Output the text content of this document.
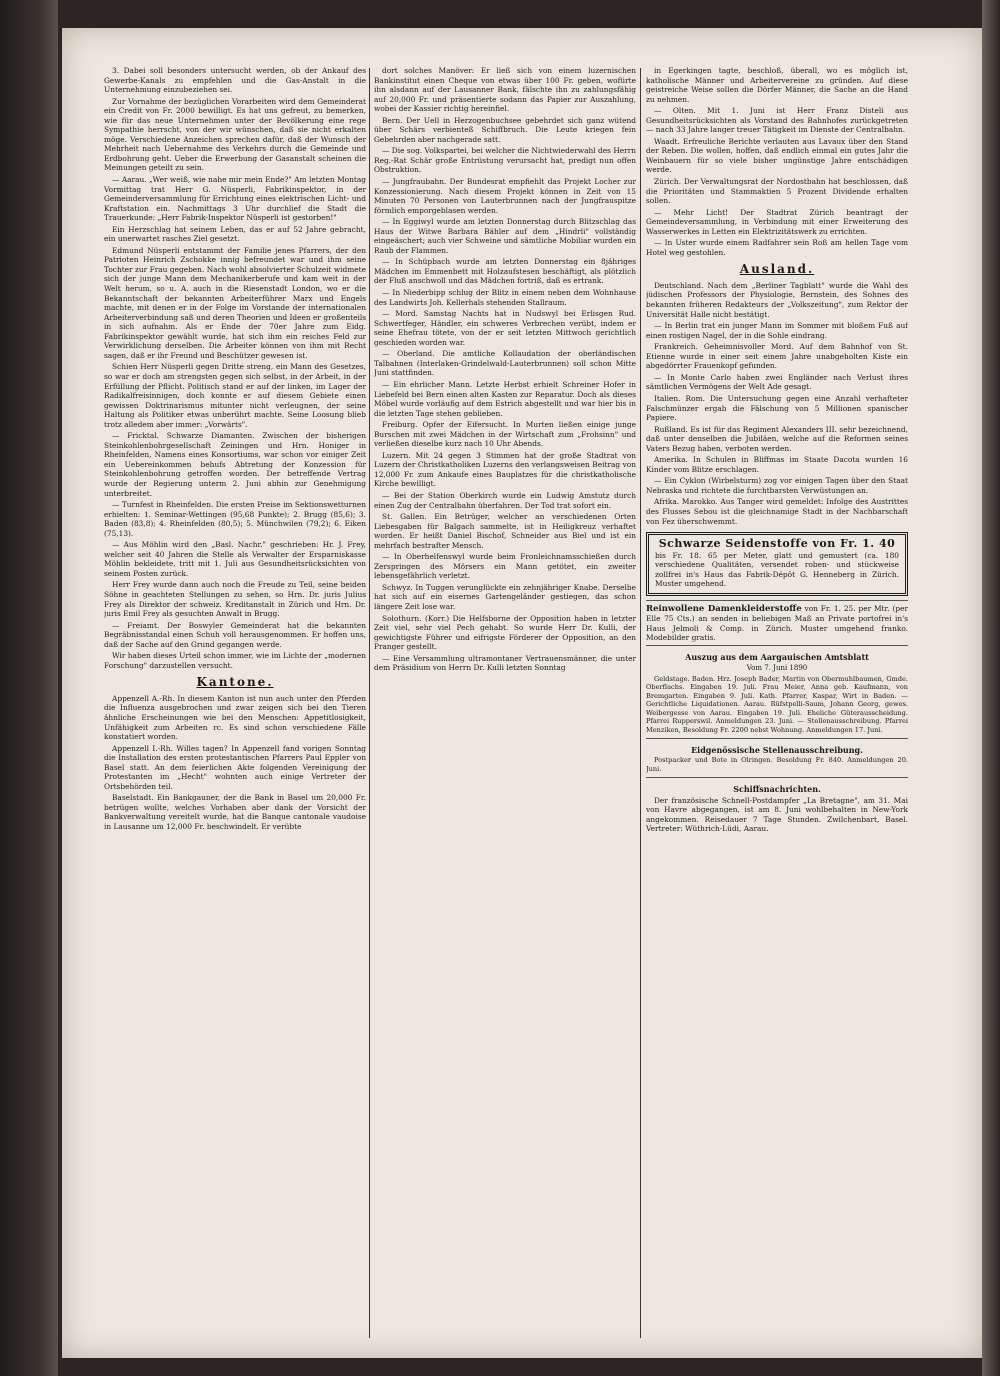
3. Dabei soll besonders untersucht werden, ob der Ankauf des Gewerbe-Kanals zu empfehlen und die Gas-Anstalt in die Unternehmung einzubeziehen sei.

Zur Vornahme der bezüglichen Vorarbeiten wird dem Gemeinderat ein Credit von Fr. 2000 bewilligt. Es hat uns gefreut, zu bemerken, wie für das neue Unternehmen unter der Bevölkerung eine rege Sympathie herrscht, von der wir wünschen, daß sie nicht erkalten möge. Verschiedene Anzeichen sprechen dafür, daß der Wunsch der Mehrheit nach Uebernahme des Verkehrs durch die Gemeinde und Erdbohrung geht. Ueber die Erwerbung der Gasanstalt scheinen die Meinungen geteilt zu sein.

— Aarau. „Wer weiß, wie nahe mir mein Ende?" Am letzten Montag Vormittag trat Herr G. Nüsperli, Fabrikinspektor, in der Gemeinderversammlung für Errichtung eines elektrischen Licht- und Kraftstation ein. Nachmittags 3 Uhr durchlief die Stadt die Trauerkunde: „Herr Fabrik-Inspektor Nüsperli ist gestorben!"

Ein Herzschlag hat seinem Leben, das er auf 52 Jahre gebracht, ein unerwartet rasches Ziel gesetzt.

Edmund Nüsperli entstammt der Familie jenes Pfarrers, der den Patrioten Heinrich Zschokke innig befreundet war und ihm seine Tochter zur Frau gegeben. Nach wohl absolvierter Schulzeit widmete sich der junge Mann dem Mechanikerberufe und kam weit in der Welt herum, so u. A. auch in die Riesenstadt London, wo er die Bekanntschaft der bekannten Arbeiterführer Marx und Engels machte, mit denen er in der Folge im Vorstande der internationalen Arbeiterverbindung saß und deren Theorien und Ideen er großenteils in sich aufnahm. Als er Ende der 70er Jahre zum Eidg. Fabrikinspektor gewählt wurde, hat sich ihm ein reiches Feld zur Verwirklichung derselben. Die Arbeiter können von ihm mit Recht sagen, daß er ihr Freund und Beschützer gewesen ist.

Schien Herr Nüsperli gegen Dritte streng, ein Mann des Gesetzes, so war er doch am strengsten gegen sich selbst, in der Arbeit, in der Erfüllung der Pflicht. Politisch stand er auf der linken, im Lager der Radikalfreisinnigen, doch konnte er auf diesem Gebiete einen gewissen Doktrinarismus mitunter nicht verleugnen, der seine Haltung als Politiker etwas unberührt machte. Seine Loosung blieb trotz alledem aber immer: „Vorwärts".

— Fricktal. Schwarze Diamanten. Zwischen der bisherigen Steinkohlenbohrgesellschaft Zeiningen und Hrn. Honiger in Rheinfelden, Namens eines Konsortiums, war schon vor einiger Zeit ein Uebereinkommen behufs Abtretung der Konzession für Steinkohlenbohrung getroffen worden. Der betreffende Vertrag wurde der Regierung unterm 2. Juni abhin zur Genehmigung unterbreitet.

— Turnfest in Rheinfelden. Die ersten Preise im Sektionswetturnen erhielten: 1. Seminar-Wettingen (95,68 Punkte); 2. Brugg (85,6); 3. Baden (83,8); 4. Rheinfelden (80,5); 5. Münchwilen (79,2); 6. Eiken (75,13).

— Aus Möhlin wird den „Basl. Nachr." geschrieben: Hr. J. Frey, welcher seit 40 Jahren die Stelle als Verwalter der Ersparniskasse Möhlin bekleidete, tritt mit 1. Juli aus Gesundheitsrücksichten von seinem Posten zurück.

Herr Frey wurde dann auch noch die Freude zu Teil, seine beiden Söhne in geachteten Stellungen zu sehen, so Hrn. Dr. juris Julius Frey als Direktor der schweiz. Kreditanstalt in Zürich und Hrn. Dr. juris Emil Frey als gesuchten Anwalt in Brugg.

— Freiamt. Der Boswyler Gemeinderat hat die bekannten Begräbnisstandal einen Schuh voll herausgenommen. Er hoffen uns, daß der Sache auf den Grund gegangen werde.

Wir haben dieses Urteil schon immer, wie im Lichte der „modernen Forschung" darzustellen versucht.

Kantone.

Appenzell A.-Rh. In diesem Kanton ist nun auch unter den Pferden die Influenza ausgebrochen und zwar zeigen sich bei den Tieren ähnliche Erscheinungen wie bei den Menschen: Appetitlosigkeit, Unfähigkeit zum Arbeiten rc. Es sind schon verschiedene Fälle konstatiert worden.

Appenzell I.-Rh. Willes tagen? In Appenzell fand vorigen Sonntag die Installation des ersten protestantischen Pfarrers Paul Eppler von Basel statt. An dem feierlichen Akte folgenden Vereinigung der Protestanten im „Hecht" wohnten auch einige Vertreter der Ortsbehörden teil.

Baselstadt. Ein Bankgauner, der die Bank in Basel um 20,000 Fr. betrügen wollte, welches Vorhaben aber dank der Vorsicht der Bankverwaltung vereitelt wurde, hat die Banque cantonale vaudoise in Lausanne um 12,000 Fr. beschwindelt. Er verübte

dort solches Manöver: Er ließ sich von einem luzernischen Bankinstitut einen Cheque von etwas über 100 Fr. geben, wofürte ihn alsdann auf der Lausanner Bank, fälschte ihn zu zahlungsfähig auf 20,000 Fr. und präsentierte sodann das Papier zur Auszahlung, wobei der Kassier richtig hereinfiel.

Bern. Der Uell in Herzogenbuchsee gebehrdet sich ganz wütend über Schärs verbienteß Schiffbruch. Die Leute kriegen fein Gebehrden aber nachgerade satt.

— Die sog. Volkspartei, bei welcher die Nichtwiederwahl des Herrn Reg.-Rat Schär große Entrüstung verursacht hat, predigt nun offen Obstruktion.

— Jungfraubahn. Der Bundesrat empfiehlt das Projekt Locher zur Konzessionierung. Nach diesem Projekt können in Zeit von 15 Minuten 70 Personen von Lauterbrunnen nach der Jungfrauspitze förmlich emporgeblasen werden.

— In Eggiwyl wurde am letzten Donnerstag durch Blitzschlag das Haus der Witwe Barbara Bähler auf dem „Hindrli" vollständig eingeäschert; auch vier Schweine und sämtliche Mobiliar wurden ein Raub der Flammen.

— In Schüpbach wurde am letzten Donnerstag ein 8jähriges Mädchen im Emmenbett mit Holzaufstesen beschäftigt, als plötzlich der Fluß anschwoll und das Mädchen fortriß, daß es ertrank.

— In Niederbipp schlug der Blitz in einem neben dem Wohnhause des Landwirts Joh. Kellerhals stehenden Stallraum.

— Mord. Samstag Nachts hat in Nudswyl bei Erlisgen Rud. Schwertfeger, Händler, ein schweres Verbrechen verübt, indem er seine Ehefrau tötete, von der er seit letzten Mittwoch gerichtlich geschieden worden war.

— Oberland. Die amtliche Kollaudation der oberländischen Talbahnen (Interlaken-Grindelwald-Lauterbrunnen) soll schon Mitte Juni stattfinden.

— Ein ehrlicher Mann. Letzte Herbst erhielt Schreiner Hofer in Liebefeld bei Bern einen alten Kasten zur Reparatur. Doch als dieses Möbel wurde vorläufig auf dem Estrich abgestellt und war hier bis in die letzten Tage stehen geblieben.

Freiburg. Opfer der Eifersucht. In Murten ließen einige junge Burschen mit zwei Mädchen in der Wirtschaft zum „Frohsinn" und verließen dieselbe kurz nach 10 Uhr Abends.

Luzern. Mit 24 gegen 3 Stimmen hat der große Stadtrat von Luzern der Christkatholiken Luzerns den verlangsweisen Beitrag von 12,000 Fr. zum Ankaufe eines Bauplatzes für die christkatholische Kirche bewilligt.

— Bei der Station Oberkirch wurde ein Ludwig Amstutz durch einen Zug der Centralbahn überfahren. Der Tod trat sofort ein.

St. Gallen. Ein Betrüger, welcher an verschiedenen Orten Liebesgaben für Balgach sammelte, ist in Heiligkreuz verhaftet worden. Er heißt Daniel Bischof, Schneider aus Biel und ist ein mehrfach bestrafter Mensch.

— In Oberhelfenswyl wurde beim Fronleichnamsschießen durch Zerspringen des Mörsers ein Mann getötet, ein zweiter lebensgefährlich verletzt.

Schwyz. In Tuggen verunglückte ein zehnjähriger Knabe. Derselbe hat sich auf ein eisernes Gartengeländer gestiegen, das schon längere Zeit lose war.

Solothurn. (Korr.) Die Helfsborne der Opposition haben in letzter Zeit viel, sehr viel Pech gehabt. So wurde Herr Dr. Kulli, der gewichtigste Führer und eifrigste Förderer der Opposition, an den Pranger gestellt.

— Eine Versammlung ultramontaner Vertrauensmänner, die unter dem Präsidium von Herrn Dr. Kulli letzten Sonntag

in Egerkingen tagte, beschloß, überall, wo es möglich ist, katholische Männer und Arbeitervereine zu gründen. Auf diese geistreiche Weise sollen die Dörfer Männer, die Sache an die Hand zu nehmen.

— Olten. Mit 1. Juni ist Herr Franz Disteli aus Gesundheitsrücksichten als Vorstand des Bahnhofes zurückgetreten — nach 33 Jahre langer treuer Tätigkeit im Dienste der Centralbahn.

Waadt. Erfreuliche Berichte verlauten aus Lavaux über den Stand der Reben. Die wollen, hoffen, daß endlich einmal ein gutes Jahr die Weinbauern für so viele bisher ungünstige Jahre entschädigen werde.

Zürich. Der Verwaltungsrat der Nordostbahn hat beschlossen, daß die Prioritäten und Stammaktien 5 Prozent Dividende erhalten sollen.

— Mehr Licht! Der Stadtrat Zürich beantragt der Gemeindeversammlung, in Verbindung mit einer Erweiterung des Wasserwerkes in Letten ein Elektrizitätswerk zu errichten.

— In Uster wurde einem Radfahrer sein Roß am hellen Tage vom Hotel weg gestohlen.

Ausland.

Deutschland. Nach dem „Berliner Tagblatt" wurde die Wahl des jüdischen Professors der Physiologie, Bernstein, des Sohnes des bekannten früheren Redakteurs der „Volkszeitung", zum Rektor der Universität Halle nicht bestätigt.

— In Berlin trat ein junger Mann im Sommer mit bloßem Fuß auf einen rostigen Nagel, der in die Sohle eindrang.

Frankreich. Geheimnisvoller Mord. Auf dem Bahnhof von St. Etienne wurde in einer seit einem Jahre unabgeholten Kiste ein abgedörrter Frauenkopf gefunden.

— In Monte Carlo haben zwei Engländer nach Verlust ihres sämtlichen Vermögens der Welt Ade gesagt.

Italien. Rom. Die Untersuchung gegen eine Anzahl verhafteter Falschmünzer ergab die Fälschung von 5 Millionen spanischer Papiere.

Rußland. Es ist für das Regiment Alexanders III. sehr bezeichnend, daß unter denselben die Jubiläen, welche auf die Reformen seines Vaters Bezug haben, verboten werden.

Amerika. In Schulen in Bliffmas im Staate Dacota wurden 16 Kinder vom Blitze erschlagen.

— Ein Cyklon (Wirbelsturm) zog vor einigen Tagen über den Staat Nebraska und richtete die furchtbarsten Verwüstungen an.

Afrika. Marokko. Aus Tanger wird gemeldet: Infolge des Austrittes des Flusses Sebou ist die gleichnamige Stadt in der Nachbarschaft von Fez überschwemmt.

Schwarze Seidenstoffe von Fr. 1. 40
bis Fr. 18. 65 per Meter, glatt und gemustert (ca. 180 verschiedene Qualitäten, versendet roben- und stückweise zollfrei in's Haus das Fabrik-Dépôt G. Henneberg in Zürich. Muster umgehend.
Reinwollene Damenkleiderstoffe von Fr. 1. 25. per Mtr. (per Elle 75 Cts.) an senden in beliebigen Maß an Private portofrei in's Haus Jelmoli & Comp. in Zürich. Muster umgehend franko. Modebilder gratis.

Auszug aus dem Aargauischen Amtsblatt

Vom 7. Juni 1890

Geldstage. Baden. Hrz. Joseph Bader, Martin von Obermuhlbaumen, Gmde. Oberflachs. Eingaben 19. Juli. Frau Meier, Anna geb. Kaufmann, von Bremgarten. Eingaben 9. Juli. Kath. Pfarrer, Kaspar, Wirt in Baden. — Gerichtliche Liquidationen. Aarau. Rüfstpelli-Saum, Johann Georg, gewes. Weibergesse von Aarau. Eingaben 19. Juli. Eheliche Güterausscheidung. Pfarrei Rupperswil. Anmeldungen 23. Juni. — Stellenausschreibung. Pfarrei Menziken, Besoldung Fr. 2200 nebst Wohnung. Anmeldungen 17. Juni.

Eidgenössische Stellenausschreibung.

Postpacker und Bote in Olringen. Besoldung Fr. 840. Anmeldungen 20. Juni.

Schiffsnachrichten.

Der französische Schnell-Postdampfer „La Bretagne", am 31. Mai von Havre abgegangen, ist am 8. Juni wohlbehalten in New-York angekommen. Reisedauer 7 Tage Stunden. Zwilchenbart, Basel. Vertreter: Wüthrich-Lüdi, Aarau.
